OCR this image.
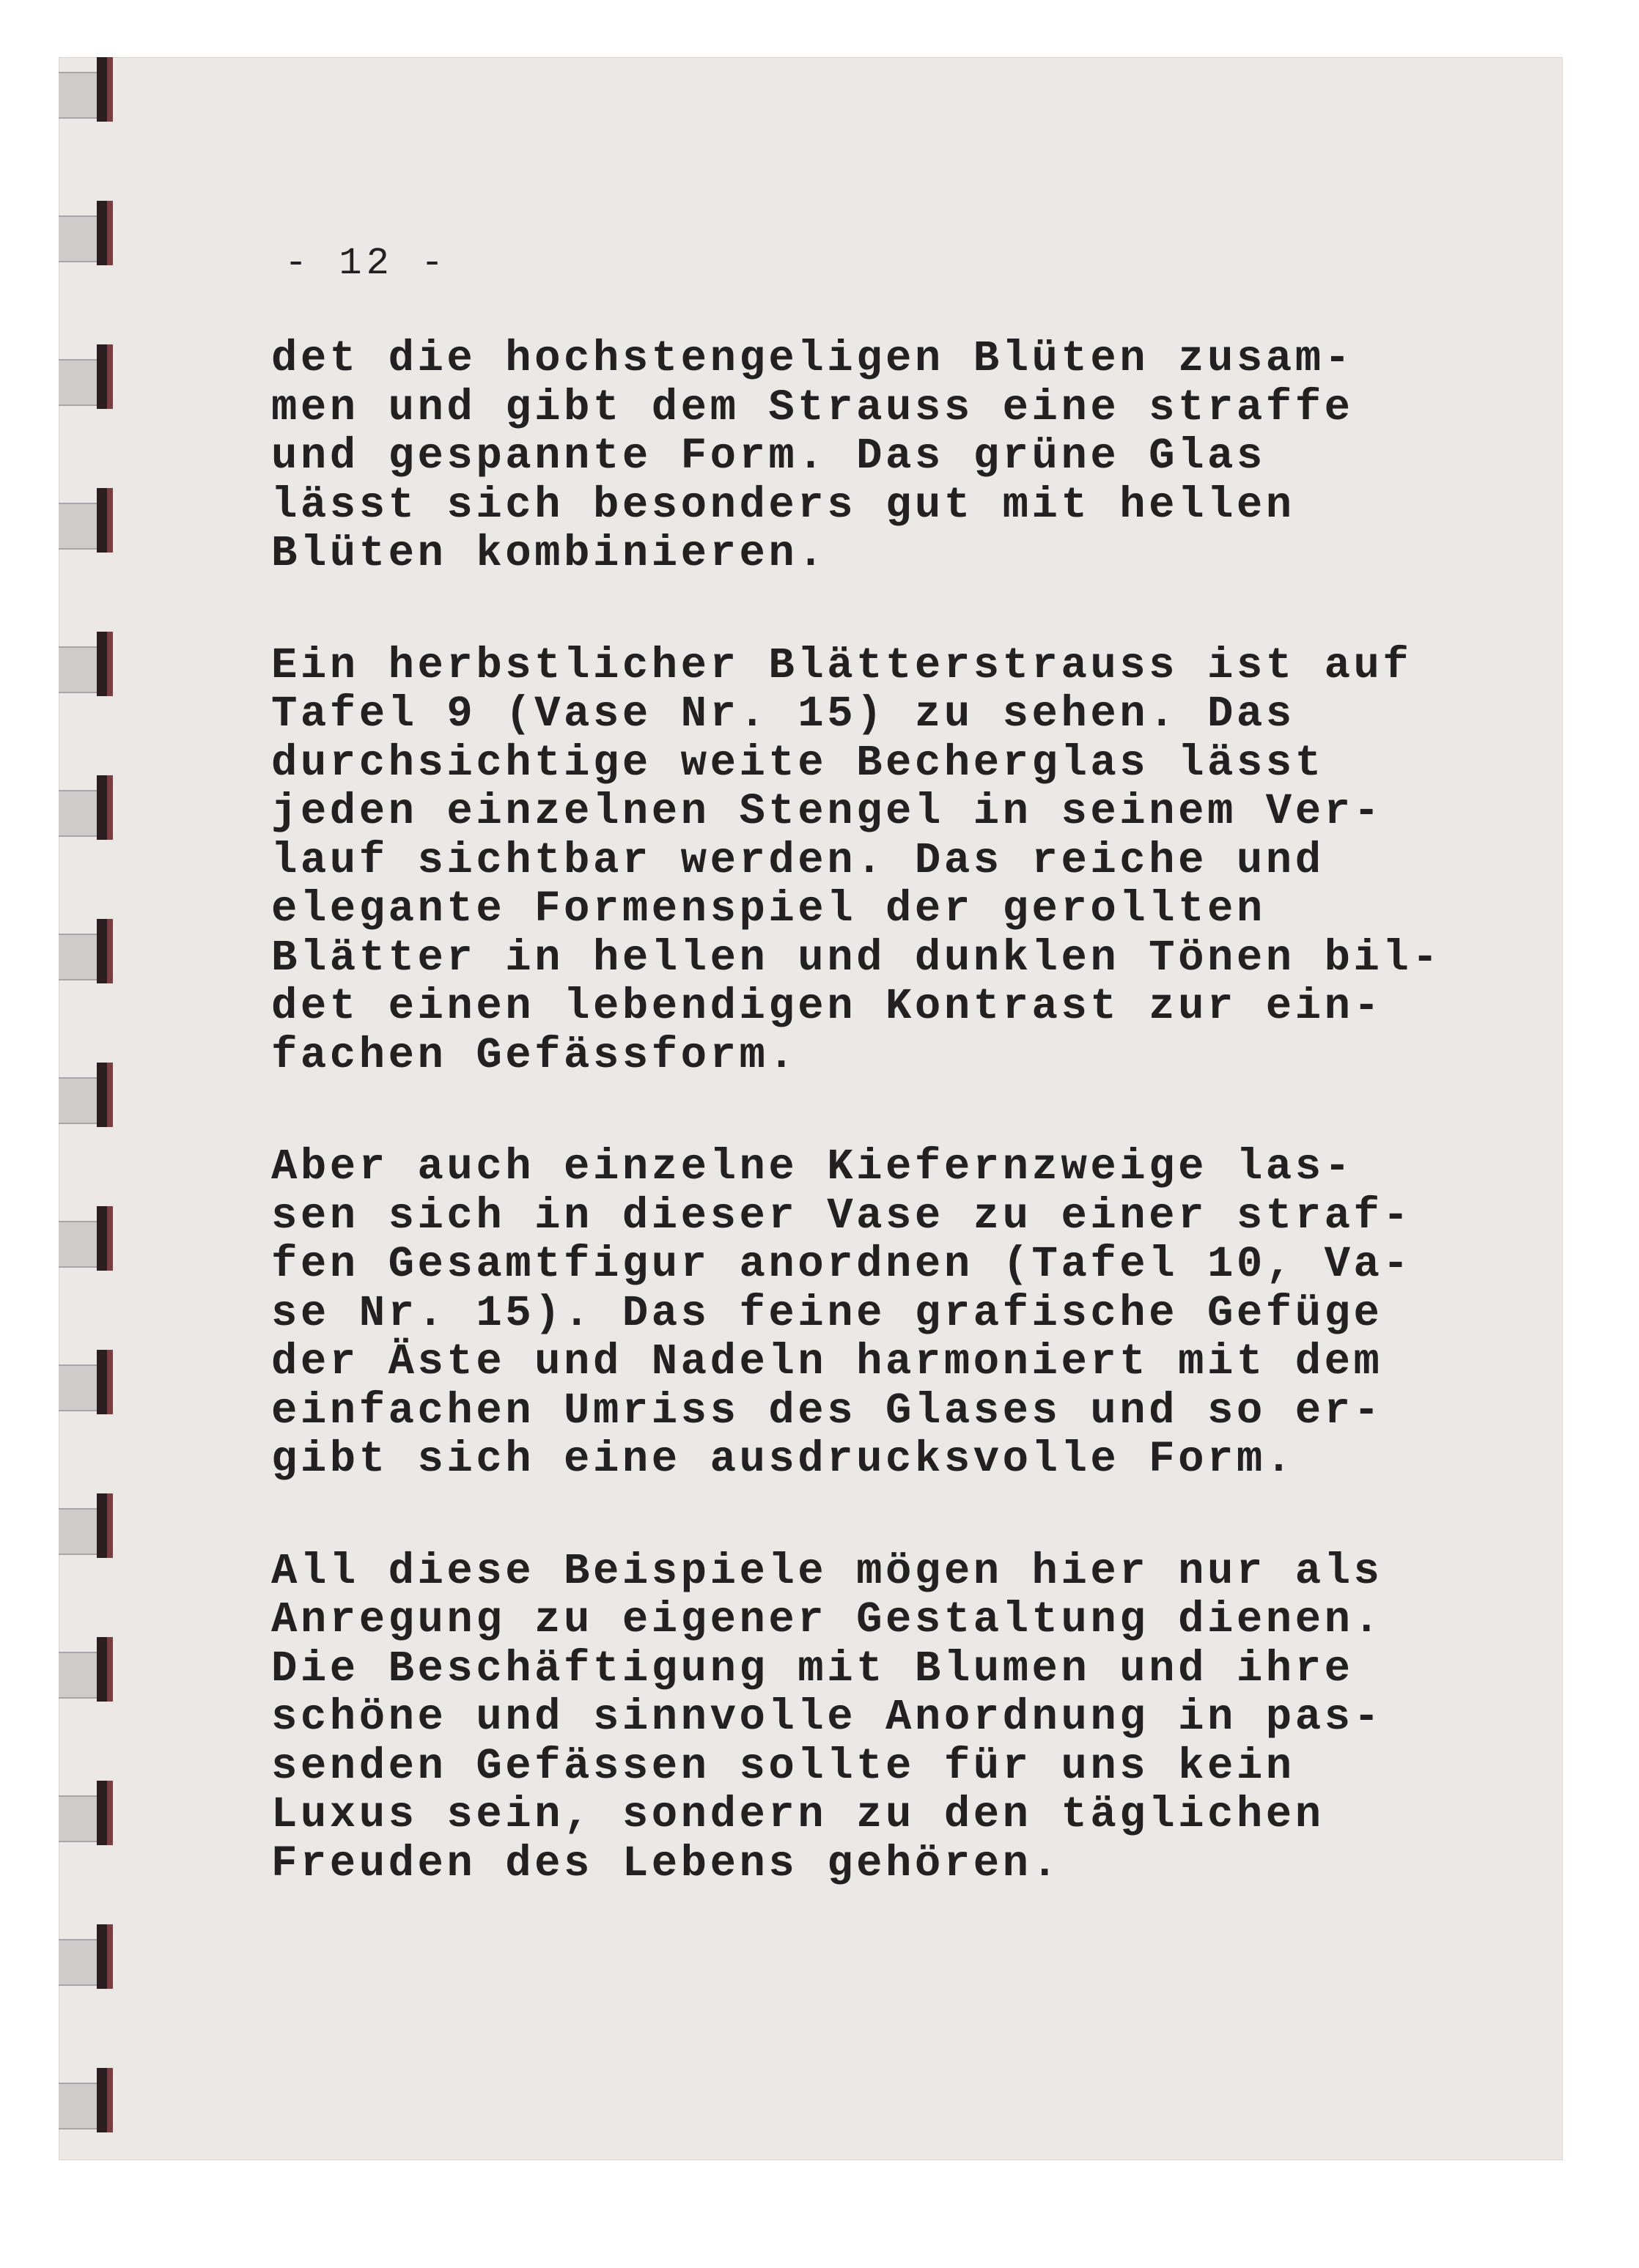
- 12 -
det die hochstengeligen Blüten zusam-
men und gibt dem Strauss eine straffe
und gespannte Form. Das grüne Glas
lässt sich besonders gut mit hellen
Blüten kombinieren.
Ein herbstlicher Blätterstrauss ist auf
Tafel 9 (Vase Nr. 15) zu sehen. Das
durchsichtige weite Becherglas lässt
jeden einzelnen Stengel in seinem Ver-
lauf sichtbar werden. Das reiche und
elegante Formenspiel der gerollten
Blätter in hellen und dunklen Tönen bil-
det einen lebendigen Kontrast zur ein-
fachen Gefässform.
Aber auch einzelne Kiefernzweige las-
sen sich in dieser Vase zu einer straf-
fen Gesamtfigur anordnen (Tafel 10, Va-
se Nr. 15). Das feine grafische Gefüge
der Äste und Nadeln harmoniert mit dem
einfachen Umriss des Glases und so er-
gibt sich eine ausdrucksvolle Form.
All diese Beispiele mögen hier nur als
Anregung zu eigener Gestaltung dienen.
Die Beschäftigung mit Blumen und ihre
schöne und sinnvolle Anordnung in pas-
senden Gefässen sollte für uns kein
Luxus sein, sondern zu den täglichen
Freuden des Lebens gehören.
